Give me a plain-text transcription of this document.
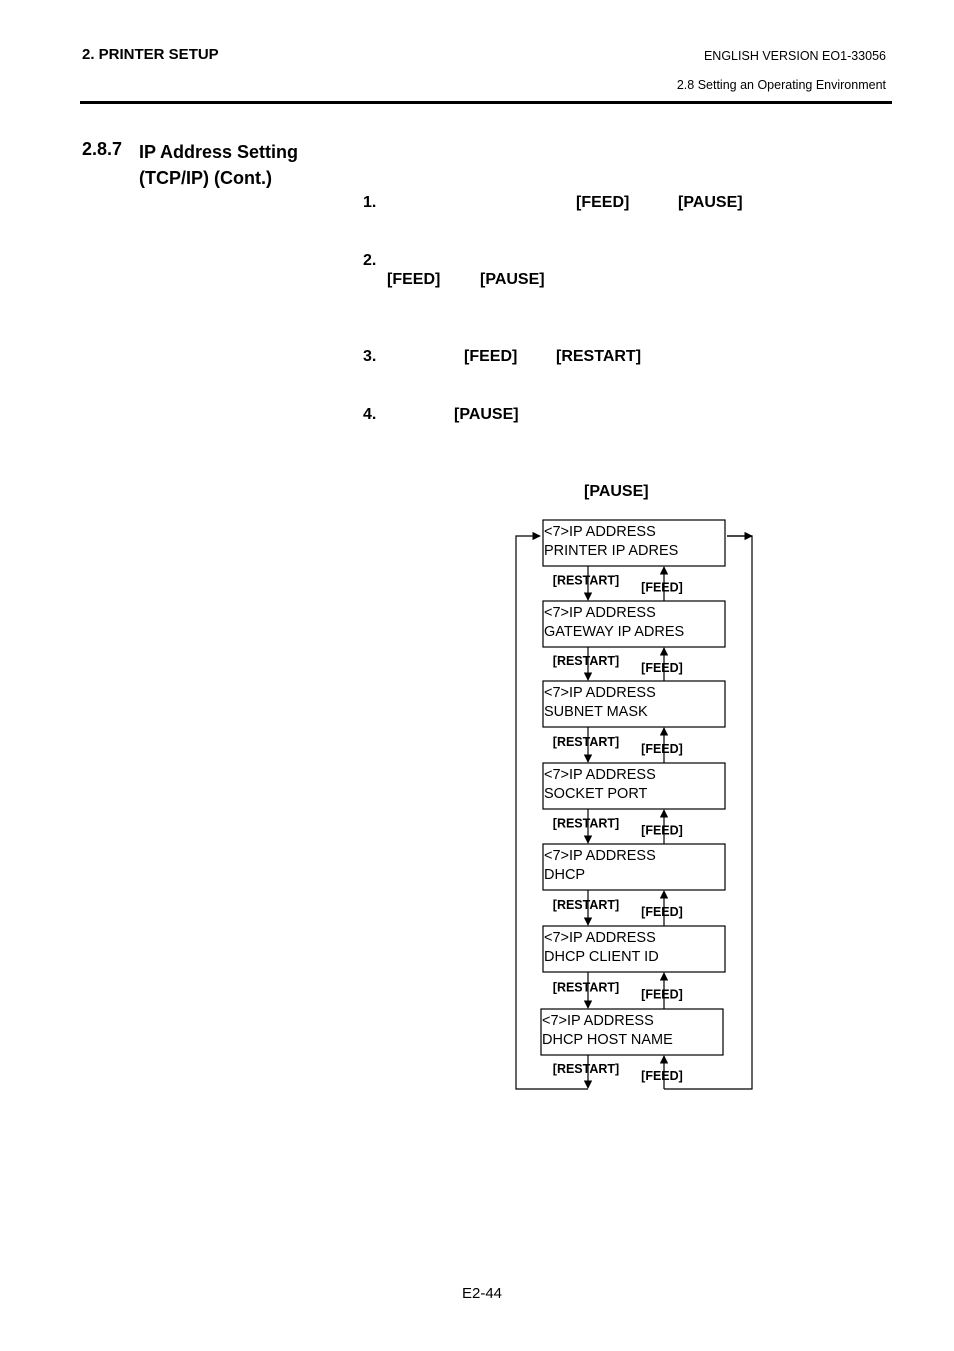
2. PRINTER SETUP	ENGLISH VERSION EO1-33056
2.8 Setting an Operating Environment
2.8.7 IP Address Setting
(TCP/IP) (Cont.)
1.	[FEED]	[PAUSE]
2.
[FEED] [PAUSE]
3.	[FEED] [RESTART]
4.	[PAUSE]
[PAUSE]
<7>IP ADDRESS
PRINTER IP ADRES
<7>IP ADDRESS
GATEWAY IP ADRES
<7>IP ADDRESS
SUBNET MASK
<7>IP ADDRESS
SOCKET PORT
<7>IP ADDRESS
DHCP
<7>IP ADDRESS
DHCP CLIENT ID
<7>IP ADDRESS
DHCP HOST NAME
[RESTART] [FEED]
[RESTART] [FEED]
[RESTART] [FEED]
[RESTART] [FEED]
[RESTART] [FEED]
[RESTART] [FEED]
[RESTART] [FEED]
E2-44
